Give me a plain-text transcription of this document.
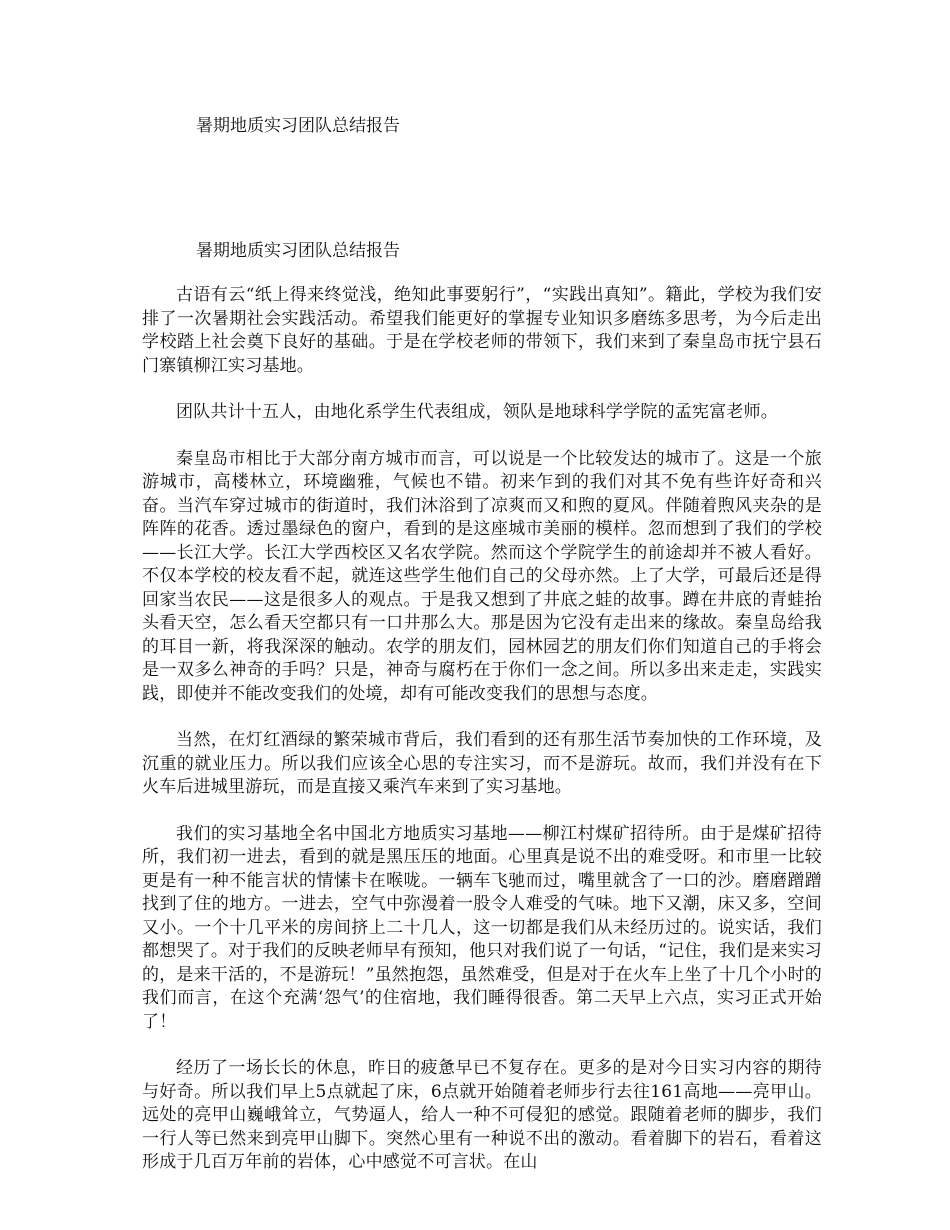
暑期地质实习团队总结报告
暑期地质实习团队总结报告

古语有云“纸上得来终觉浅，绝知此事要躬行”，“实践出真知”。籍此，学校为我们安排了一次暑期社会实践活动。希望我们能更好的掌握专业知识多磨练多思考，为今后走出学校踏上社会奠下良好的基础。于是在学校老师的带领下，我们来到了秦皇岛市抚宁县石门寨镇柳江实习基地。

团队共计十五人，由地化系学生代表组成，领队是地球科学学院的孟宪富老师。

秦皇岛市相比于大部分南方城市而言，可以说是一个比较发达的城市了。这是一个旅游城市，高楼林立，环境幽雅，气候也不错。初来乍到的我们对其不免有些许好奇和兴奋。当汽车穿过城市的街道时，我们沐浴到了凉爽而又和煦的夏风。伴随着煦风夹杂的是阵阵的花香。透过墨绿色的窗户，看到的是这座城市美丽的模样。忽而想到了我们的学校——长江大学。长江大学西校区又名农学院。然而这个学院学生的前途却并不被人看好。不仅本学校的校友看不起，就连这些学生他们自己的父母亦然。上了大学，可最后还是得回家当农民——这是很多人的观点。于是我又想到了井底之蛙的故事。蹲在井底的青蛙抬头看天空，怎么看天空都只有一口井那么大。那是因为它没有走出来的缘故。秦皇岛给我的耳目一新，将我深深的触动。农学的朋友们，园林园艺的朋友们你们知道自己的手将会是一双多么神奇的手吗？只是，神奇与腐朽在于你们一念之间。所以多出来走走，实践实践，即使并不能改变我们的处境，却有可能改变我们的思想与态度。

当然，在灯红酒绿的繁荣城市背后，我们看到的还有那生活节奏加快的工作环境，及沉重的就业压力。所以我们应该全心思的专注实习，而不是游玩。故而，我们并没有在下火车后进城里游玩，而是直接又乘汽车来到了实习基地。

我们的实习基地全名中国北方地质实习基地——柳江村煤矿招待所。由于是煤矿招待所，我们初一进去，看到的就是黑压压的地面。心里真是说不出的难受呀。和市里一比较更是有一种不能言状的情愫卡在喉咙。一辆车飞驰而过，嘴里就含了一口的沙。磨磨蹭蹭找到了住的地方。一进去，空气中弥漫着一股令人难受的气味。地下又潮，床又多，空间又小。一个十几平米的房间挤上二十几人，这一切都是我们从未经历过的。说实话，我们都想哭了。对于我们的反映老师早有预知，他只对我们说了一句话，“记住，我们是来实习的，是来干活的，不是游玩！”虽然抱怨，虽然难受，但是对于在火车上坐了十几个小时的我们而言，在这个充满‘怨气’的住宿地，我们睡得很香。第二天早上六点，实习正式开始了！

经历了一场长长的休息，昨日的疲惫早已不复存在。更多的是对今日实习内容的期待与好奇。所以我们早上5点就起了床，6点就开始随着老师步行去往161高地——亮甲山。远处的亮甲山巍峨耸立，气势逼人，给人一种不可侵犯的感觉。跟随着老师的脚步，我们一行人等已然来到亮甲山脚下。突然心里有一种说不出的激动。看着脚下的岩石，看着这形成于几百万年前的岩体，心中感觉不可言状。在山
